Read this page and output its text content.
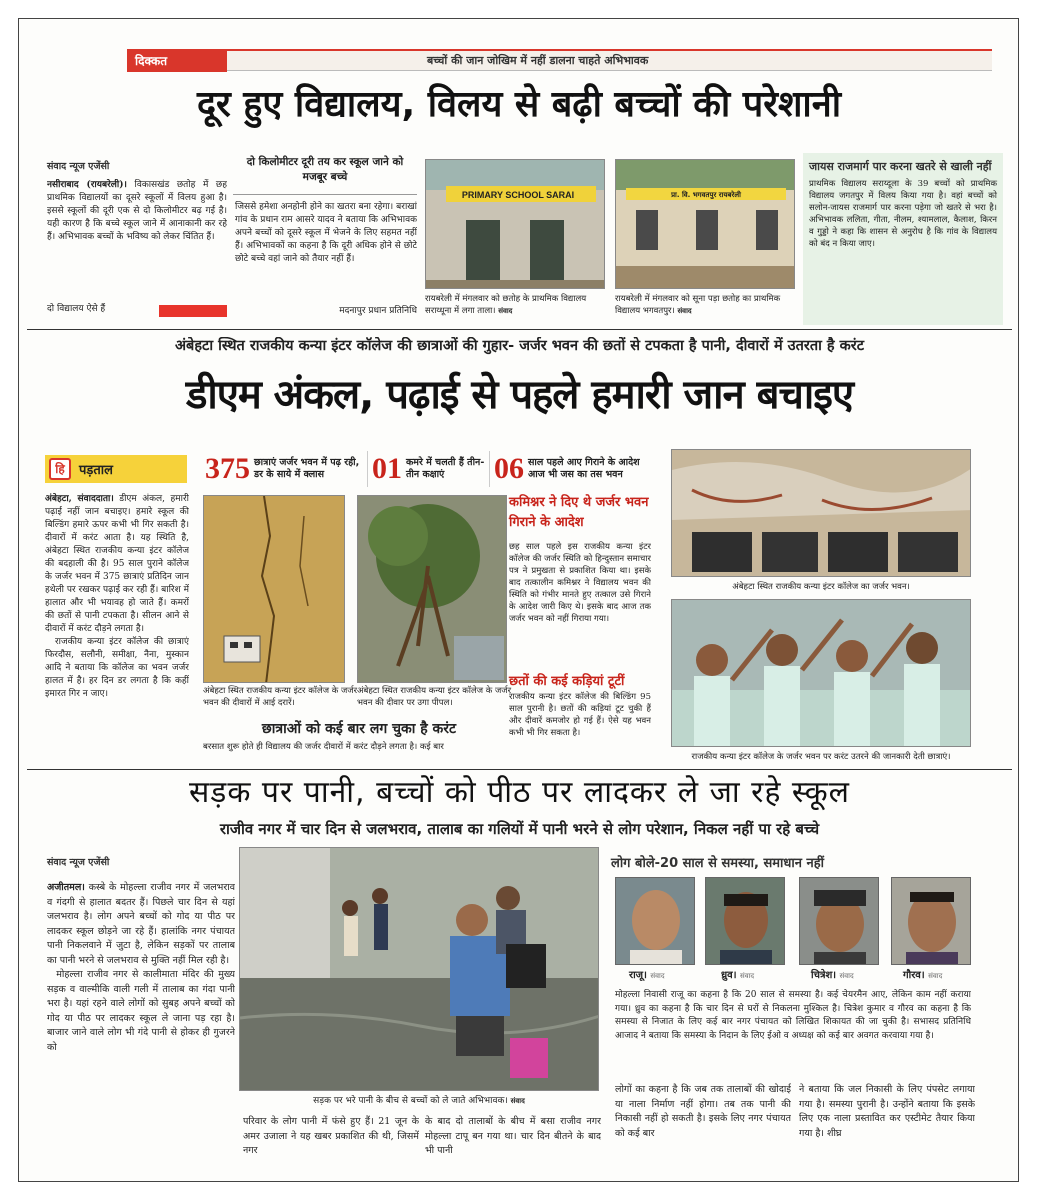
दिक्कत	बच्चों की जान जोखिम में नहीं डालना चाहते अभिभावक
दूर हुए विद्यालय, विलय से बढ़ी बच्चों की परेशानी
संवाद न्यूज एजेंसी
नसीराबाद (रायबरेली)। विकासखंड छतोह में छह प्राथमिक विद्यालयों का दूसरे स्कूलों में विलय हुआ है। इससे स्कूलों की दूरी एक से दो किलोमीटर बढ़ गई है। यही कारण है कि बच्चे स्कूल जाने में आनाकानी कर रहे हैं। अभिभावक बच्चों के भविष्य को लेकर चिंतित हैं।
दो विद्यालय ऐसे हैं
दो किलोमीटर दूरी तय कर स्कूल जाने को मजबूर बच्चे
जिससे हमेशा अनहोनी होने का खतरा बना रहेगा। बराखां गांव के प्रधान राम आसरे यादव ने बताया कि अभिभावक अपने बच्चों को दूसरे स्कूल में भेजने के लिए सहमत नहीं हैं। अभिभावकों का कहना है कि दूरी अधिक होने से छोटे छोटे बच्चे वहां जाने को तैयार नहीं हैं।
मदनापुर प्रधान प्रतिनिधि
PRIMARY SCHOOL SARAI
रायबरेली में मंगलवार को छतोह के प्राथमिक विद्यालय सराय्धूना में लगा ताला। संवाद
प्रा. वि. भगवतपुर रायबरेली
रायबरेली में मंगलवार को सूना पड़ा छतोह का प्राथमिक विद्यालय भगवतपुर। संवाद
जायस राजमार्ग पार करना खतरे से खाली नहीं
प्राथमिक विद्यालय सराय्दूला के 39 बच्चों को प्राथमिक विद्यालय जगतपुर में विलय किया गया है। वहां बच्चों को सलोन-जायस राजमार्ग पार करना पड़ेगा जो खतरे से भरा है। अभिभावक ललिता, गीता, नीलम, श्यामलाल, कैलाश, किरन व गुड्डो ने कहा कि शासन से अनुरोध है कि गांव के विद्यालय को बंद न किया जाए।
अंबेहटा स्थित राजकीय कन्या इंटर कॉलेज की छात्राओं की गुहार- जर्जर भवन की छतों से टपकता है पानी, दीवारों में उतरता है करंट
डीएम अंकल, पढ़ाई से पहले हमारी जान बचाइए
हि	पड़ताल	375 छात्राएं जर्जर भवन में पढ़ रही, डर के साये में क्लास	01 कमरे में चलती हैं तीन-तीन कक्षाएं	06 साल पहले आए गिराने के आदेश आज भी जस का तस भवन
अंबेहटा, संवाददाता। डीएम अंकल, हमारी पढ़ाई नहीं जान बचाइए। हमारे स्कूल की बिल्डिंग हमारे ऊपर कभी भी गिर सकती है। दीवारों में करंट आता है। यह स्थिति है, अंबेहटा स्थित राजकीय कन्या इंटर कॉलेज की बदहाली की है। 95 साल पुराने कॉलेज के जर्जर भवन में 375 छात्राएं प्रतिदिन जान हथेली पर रखकर पढ़ाई कर रही हैं। बारिश में हालात और भी भयावह हो जाते हैं। कमरों की छतों से पानी टपकता है। सीलन आने से दीवारों में करंट दौड़ने लगता है।
राजकीय कन्या इंटर कॉलेज की छात्राएं फिरदौस, सलौनी, समीक्षा, नैना, मुस्कान आदि ने बताया कि कॉलेज का भवन जर्जर हालत में है। हर दिन डर लगता है कि कहीं इमारत गिर न जाए।	अंबेहटा स्थित राजकीय कन्या इंटर कॉलेज के जर्जर भवन की दीवारों में आई दरारें।
अंबेहटा स्थित राजकीय कन्या इंटर कॉलेज के जर्जर भवन की दीवार पर उगा पीपल।
छात्राओं को कई बार लग चुका है करंट
बरसात शुरू होते ही विद्यालय की जर्जर दीवारों में करंट दौड़ने लगता है। कई बार
कमिश्नर ने दिए थे जर्जर भवन गिराने के आदेश
छह साल पहले इस राजकीय कन्या इंटर कॉलेज की जर्जर स्थिति को हिन्दुस्तान समाचार पत्र ने प्रमुखता से प्रकाशित किया था। इसके बाद तत्कालीन कमिश्नर ने विद्यालय भवन की स्थिति को गंभीर मानते हुए तत्काल उसे गिराने के आदेश जारी किए थे। इसके बाद आज तक जर्जर भवन को नहीं गिराया गया।
छतों की कई कड़ियां टूटीं
राजकीय कन्या इंटर कॉलेज की बिल्डिंग 95 साल पुरानी है। छतों की कड़ियां टूट चुकी हैं और दीवारें कमजोर हो गई हैं। ऐसे यह भवन कभी भी गिर सकता है।
अंबेहटा स्थित राजकीय कन्या इंटर कॉलेज का जर्जर भवन।
राजकीय कन्या इंटर कॉलेज के जर्जर भवन पर करंट उतरने की जानकारी देती छात्राएं।
सड़क पर पानी, बच्चों को पीठ पर लादकर ले जा रहे स्कूल
राजीव नगर में चार दिन से जलभराव, तालाब का गलियों में पानी भरने से लोग परेशान, निकल नहीं पा रहे बच्चे
संवाद न्यूज एजेंसी
अजीतमल। कस्बे के मोहल्ला राजीव नगर में जलभराव व गंदगी से हालात बदतर हैं। पिछले चार दिन से यहां जलभराव है। लोग अपने बच्चों को गोद या पीठ पर लादकर स्कूल छोड़ने जा रहे हैं। हालांकि नगर पंचायत पानी निकलवाने में जुटा है, लेकिन सड़कों पर तालाब का पानी भरने से जलभराव से मुक्ति नहीं मिल रही है।
मोहल्ला राजीव नगर से कालीमाता मंदिर की मुख्य सड़क व वाल्मीकि वाली गली में तालाब का गंदा पानी भरा है। यहां रहने वाले लोगों को सुबह अपने बच्चों को गोद या पीठ पर लादकर स्कूल ले जाना पड़ रहा है। बाजार जाने वाले लोग भी गंदे पानी से होकर ही गुजरने को
सड़क पर भरे पानी के बीच से बच्चों को ले जाते अभिभावक। संवाद
परिवार के लोग पानी में फंसे हुए हैं। 21 जून के अमर उजाला ने यह खबर प्रकाशित की थी, जिसमें नगर
के बाद दो तालाबों के बीच में बसा राजीव नगर मोहल्ला टापू बन गया था। चार दिन बीतने के बाद भी पानी
लोग बोले-20 साल से समस्या, समाधान नहीं
राजू। संवाद	ध्रुव। संवाद	चित्रेश। संवाद	गौरव। संवाद
मोहल्ला निवासी राजू का कहना है कि 20 साल से समस्या है। कई चेयरमैन आए, लेकिन काम नहीं कराया गया। ध्रुव का कहना है कि चार दिन से घरों से निकलना मुश्किल है। चित्रेश कुमार व गौरव का कहना है कि समस्या से निजात के लिए कई बार नगर पंचायत को लिखित शिकायत की जा चुकी है। सभासद प्रतिनिधि आजाद ने बताया कि समस्या के निदान के लिए ईओ व अध्यक्ष को कई बार अवगत करवाया गया है।
लोगों का कहना है कि जब तक तालाबों की खोदाई या नाला निर्माण नहीं होगा। तब तक पानी की निकासी नहीं हो सकती है। इसके लिए नगर पंचायत को कई बार
ने बताया कि जल निकासी के लिए पंपसेट लगाया गया है। समस्या पुरानी है। उन्होंने बताया कि इसके लिए एक नाला प्रस्तावित कर एस्टीमेट तैयार किया गया है। शीघ्र
